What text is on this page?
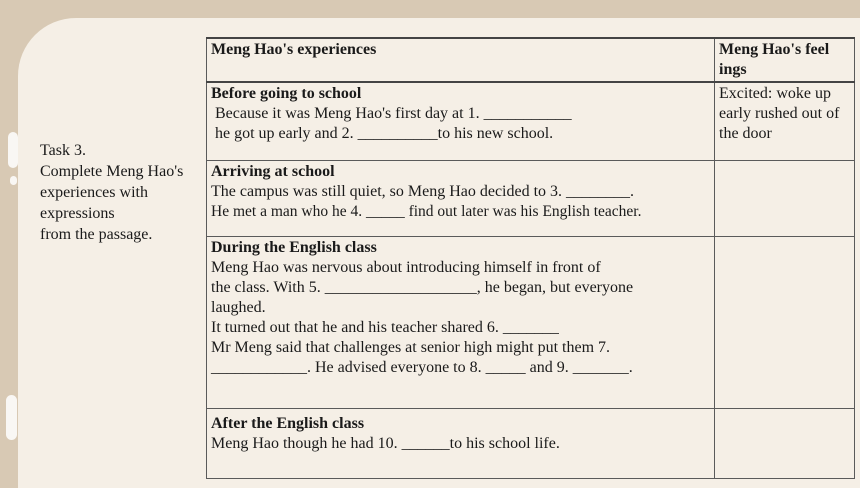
Task 3.
Complete Meng Hao's experiences with expressions
from the passage.
Meng Hao's experiences	Meng Hao's feel ings

Before going to school
Because it was Meng Hao's first day at 1. ___________
he got up early and 2. __________to his new school.	Excited: woke up early rushed out of the door

Arriving at school
The campus was still quiet, so Meng Hao decided to 3. ________.
He met a man who he 4. _____ find out later was his English teacher.	

During the English class
Meng Hao was nervous about introducing himself in front of
the class. With 5. ___________________, he began, but everyone laughed.
It turned out that he and his teacher shared 6. _______
Mr Meng said that challenges at senior high might put them 7. ____________. He advised everyone to 8. _____ and 9. _______.	

After the English class
Meng Hao though he had 10. ______to his school life.	
